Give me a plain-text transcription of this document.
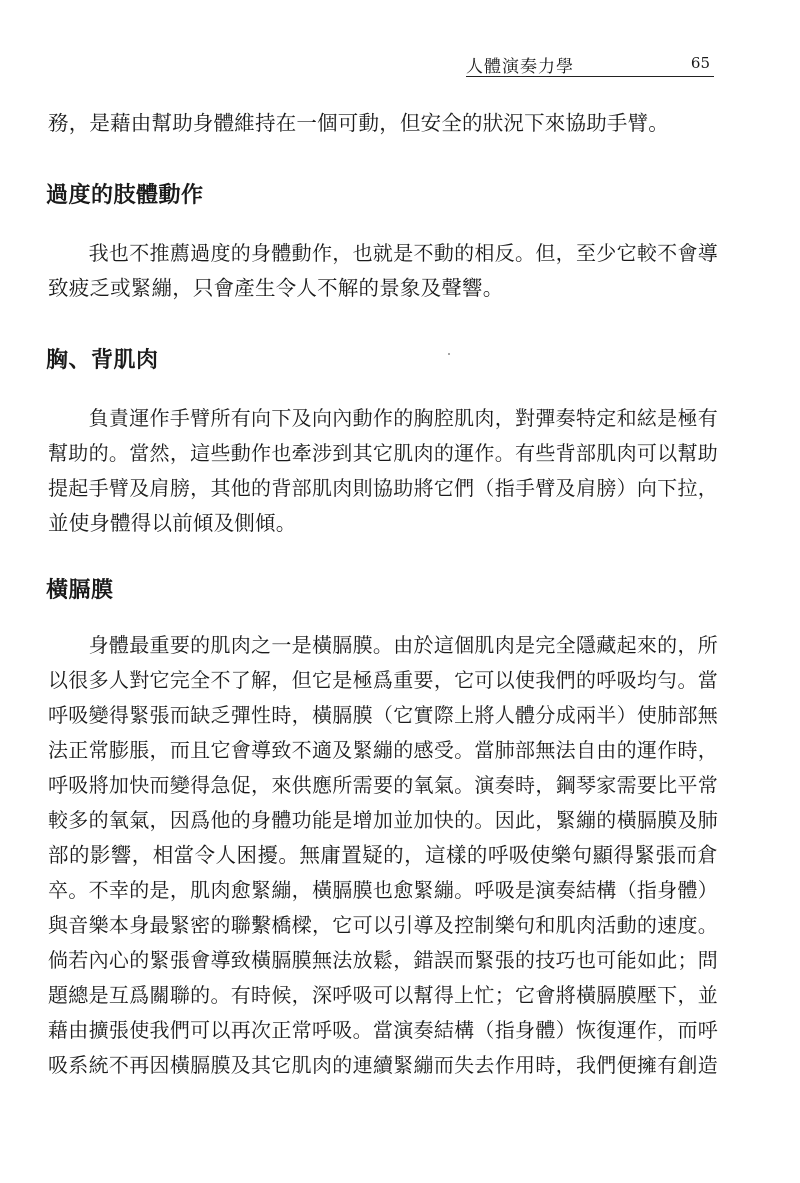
人體演奏力學	65
務，是藉由幫助身體維持在一個可動，但安全的狀況下來協助手臂。
過度的肢體動作
　　我也不推薦過度的身體動作，也就是不動的相反。但，至少它較不會導
致疲乏或緊繃，只會產生令人不解的景象及聲響。
胸、背肌肉
　　負責運作手臂所有向下及向內動作的胸腔肌肉，對彈奏特定和絃是極有
幫助的。當然，這些動作也牽涉到其它肌肉的運作。有些背部肌肉可以幫助
提起手臂及肩膀，其他的背部肌肉則協助將它們（指手臂及肩膀）向下拉，
並使身體得以前傾及側傾。
橫膈膜
　　身體最重要的肌肉之一是橫膈膜。由於這個肌肉是完全隱藏起來的，所
以很多人對它完全不了解，但它是極爲重要，它可以使我們的呼吸均勻。當
呼吸變得緊張而缺乏彈性時，橫膈膜（它實際上將人體分成兩半）使肺部無
法正常膨脹，而且它會導致不適及緊繃的感受。當肺部無法自由的運作時，
呼吸將加快而變得急促，來供應所需要的氧氣。演奏時，鋼琴家需要比平常
較多的氧氣，因爲他的身體功能是增加並加快的。因此，緊繃的橫膈膜及肺
部的影響，相當令人困擾。無庸置疑的，這樣的呼吸使樂句顯得緊張而倉
卒。不幸的是，肌肉愈緊繃，橫膈膜也愈緊繃。呼吸是演奏結構（指身體）
與音樂本身最緊密的聯繫橋樑，它可以引導及控制樂句和肌肉活動的速度。
倘若內心的緊張會導致橫膈膜無法放鬆，錯誤而緊張的技巧也可能如此；問
題總是互爲關聯的。有時候，深呼吸可以幫得上忙；它會將橫膈膜壓下，並
藉由擴張使我們可以再次正常呼吸。當演奏結構（指身體）恢復運作，而呼
吸系統不再因橫膈膜及其它肌肉的連續緊繃而失去作用時，我們便擁有創造
